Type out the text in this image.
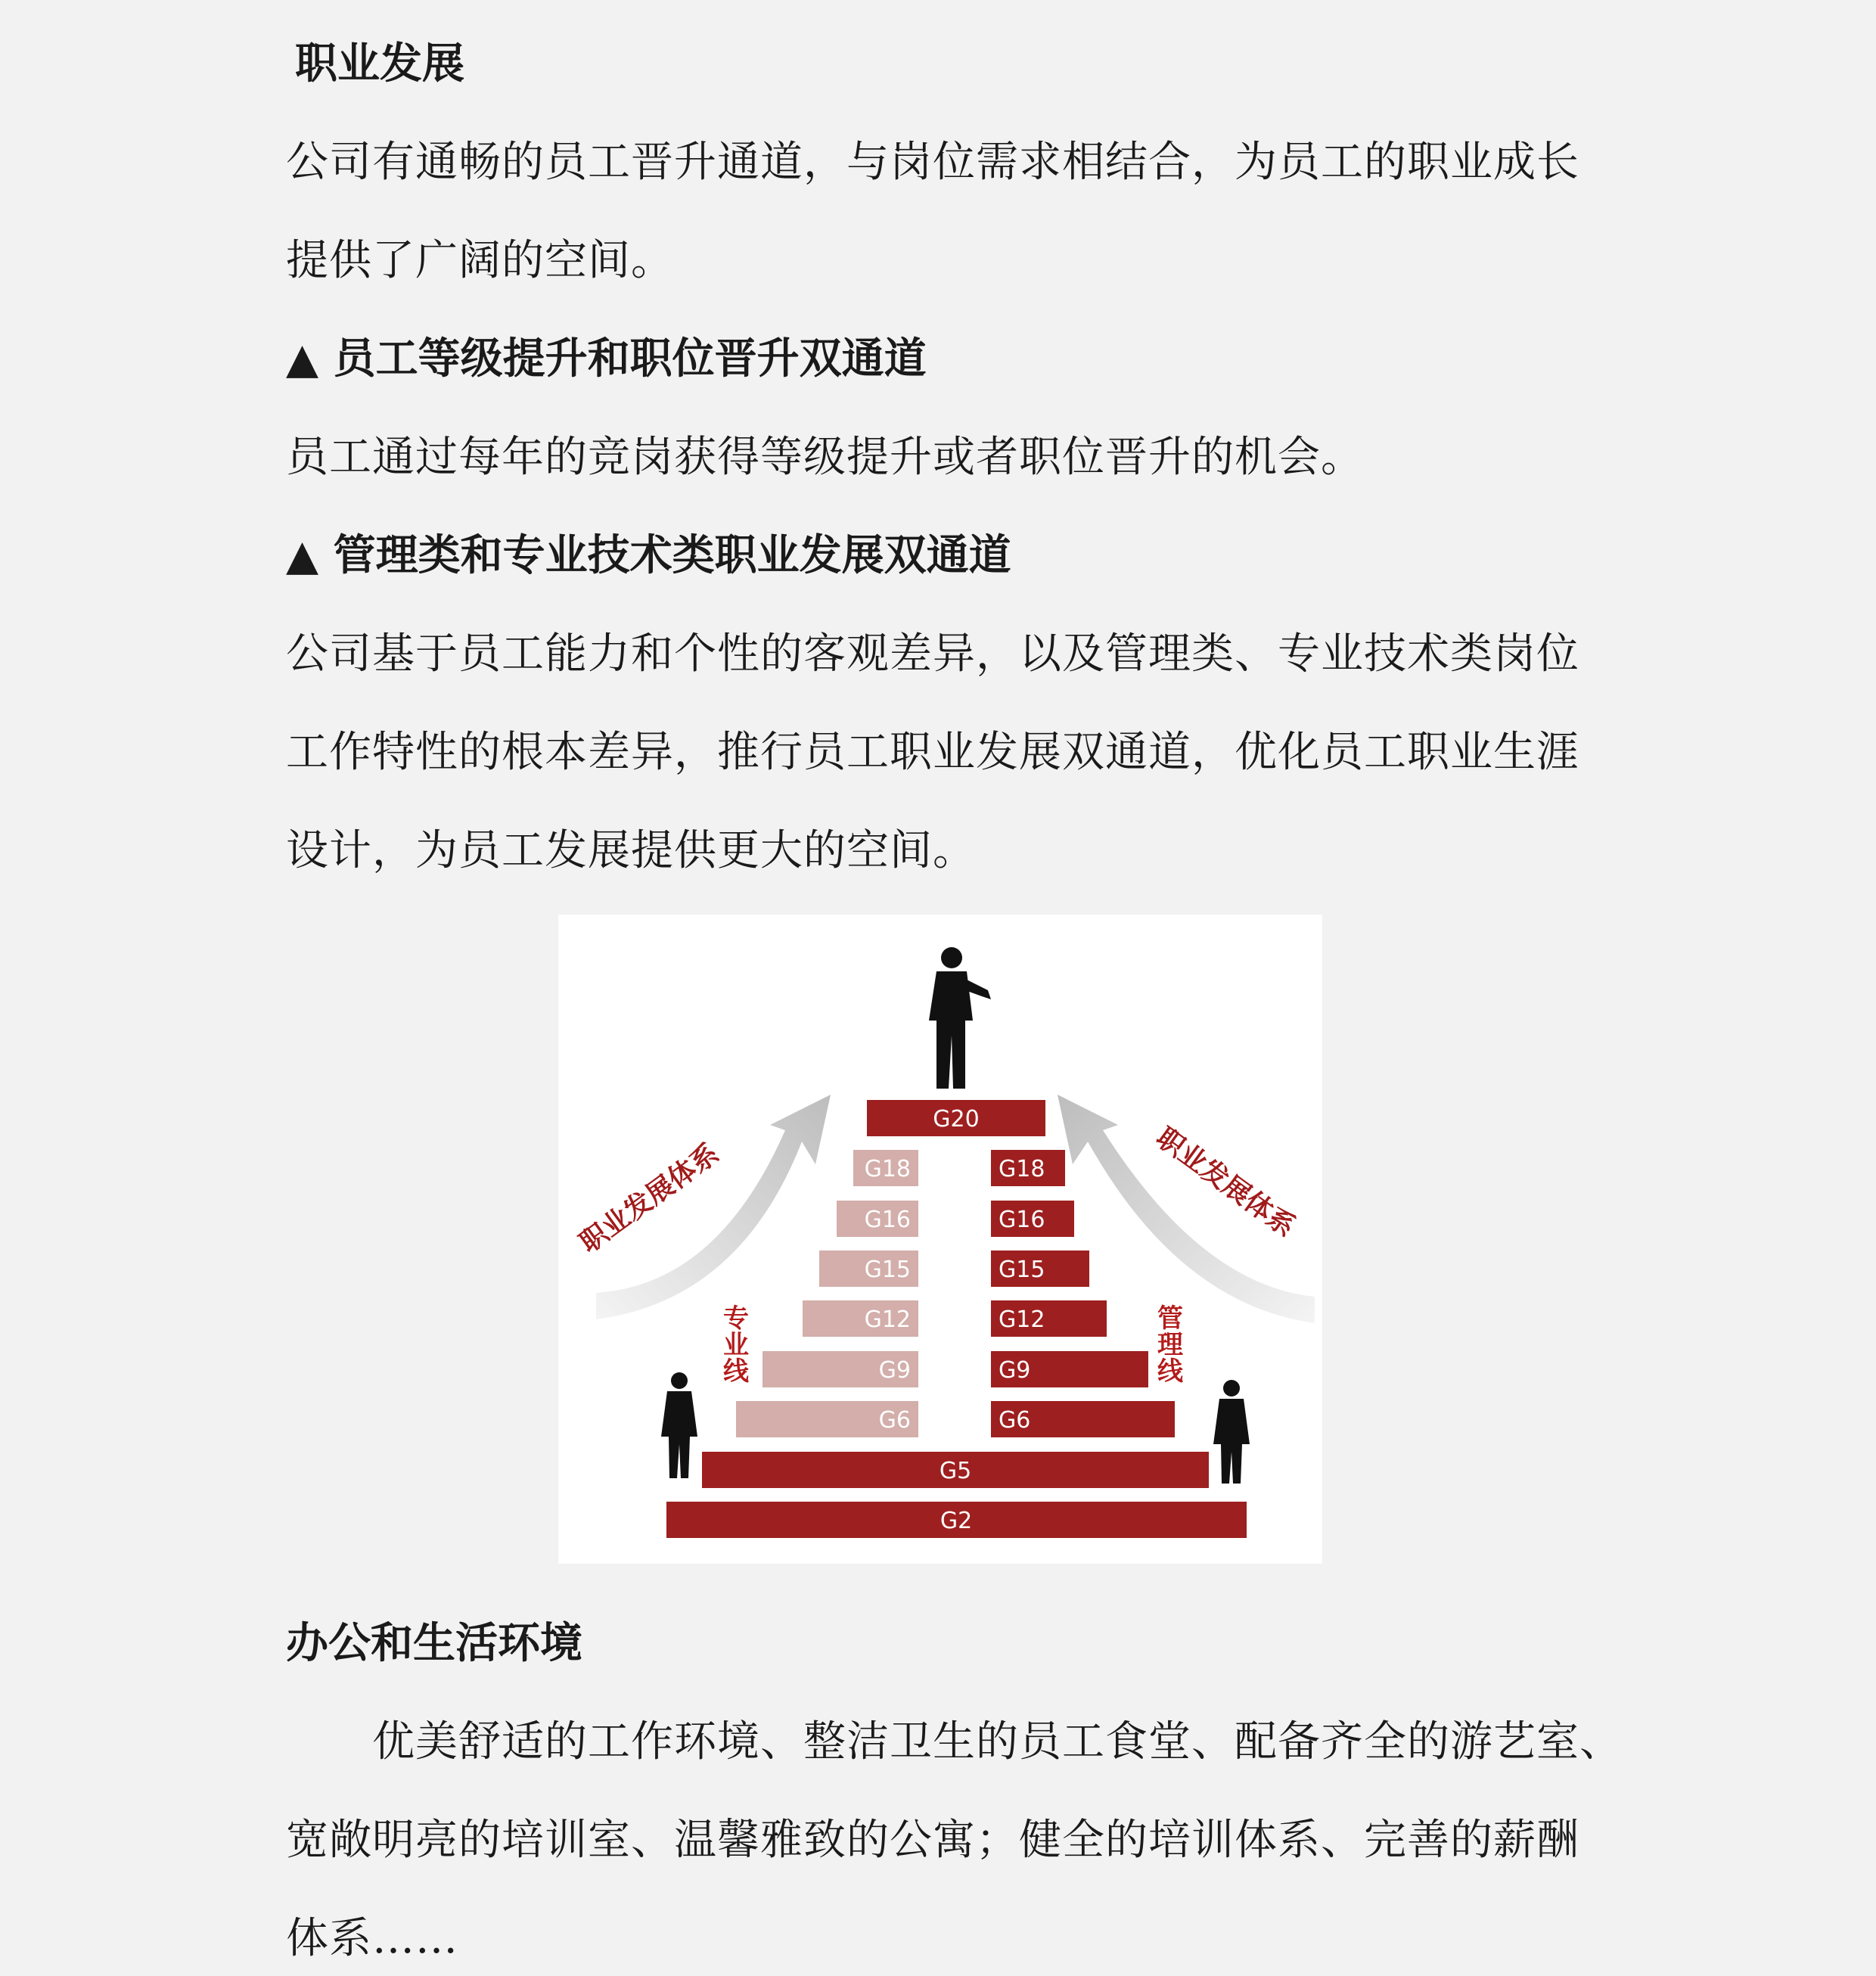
职业发展
公司有通畅的员工晋升通道，与岗位需求相结合，为员工的职业成长
提供了广阔的空间。
▲ 员工等级提升和职位晋升双通道
员工通过每年的竞岗获得等级提升或者职位晋升的机会。
▲ 管理类和专业技术类职业发展双通道
公司基于员工能力和个性的客观差异，以及管理类、专业技术类岗位
工作特性的根本差异，推行员工职业发展双通道，优化员工职业生涯
设计，为员工发展提供更大的空间。
职业发展体系	职业发展体系
专
业
线
管
理
线
G20
G18
G16
G15
G12
G9
G6
G18
G16
G15
G12
G9
G6
G5
G2
办公和生活环境
优美舒适的工作环境、整洁卫生的员工食堂、配备齐全的游艺室、
宽敞明亮的培训室、温馨雅致的公寓；健全的培训体系、完善的薪酬
体系……
